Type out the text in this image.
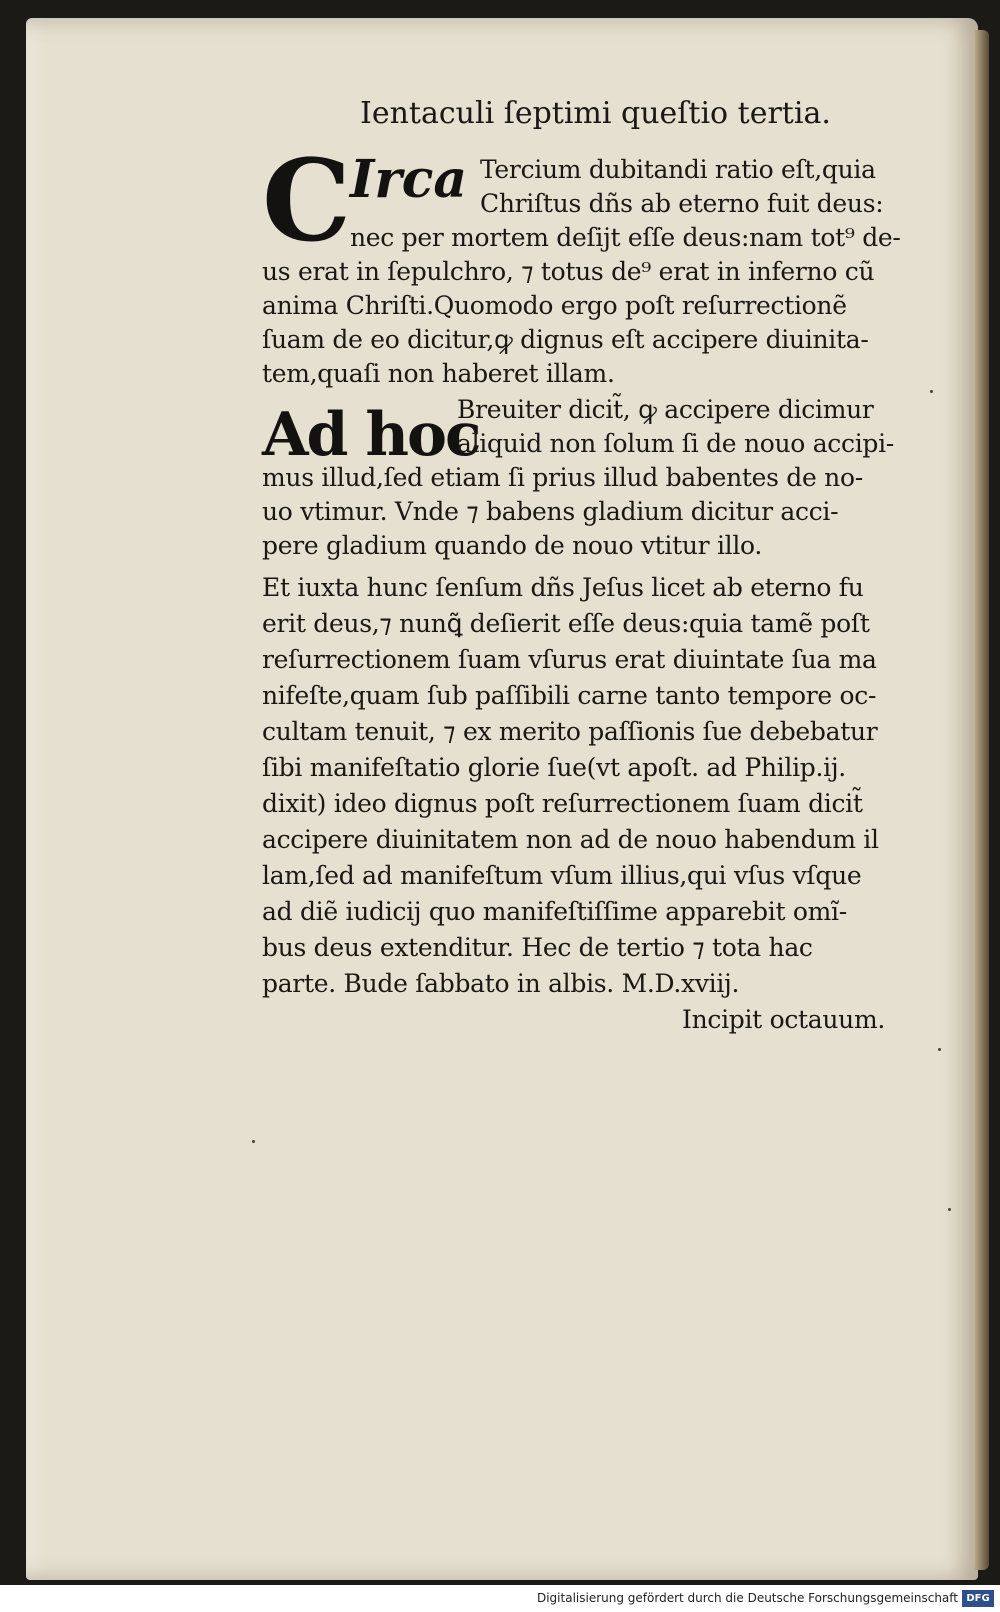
Ientaculi ſeptimi queſtio tertia.
C
Irca
Ad hoc
Tercium dubitandi ratio eſt,quia
Chriſtus dñs ab eterno fuit deus:
nec per mortem deſijt eſſe deus:nam tot⁹ de-
us erat in ſepulchro, ⁊ totus de⁹ erat in inferno cũ
anima Chriſti.Quomodo ergo poſt reſurrectionẽ
ſuam de eo dicitur,ꝙ dignus eſt accipere diuinita-
tem,quaſi non haberet illam.
Breuiter dicit̃, ꝙ accipere dicimur
aliquid non ſolum ſi de nouo accipi-
mus illud,ſed etiam ſi prius illud babentes de no-
uo vtimur. Vnde ⁊ babens gladium dicitur acci-
pere gladium quando de nouo vtitur illo.
Et iuxta hunc ſenſum dñs Jeſus licet ab eterno fu
erit deus,⁊ nunꝗ̃ deſierit eſſe deus:quia tamẽ poſt
reſurrectionem ſuam vſurus erat diuintate ſua ma
nifeſte,quam ſub paſſibili carne tanto tempore oc-
cultam tenuit, ⁊ ex merito paſſionis ſue debebatur
ſibi manifeſtatio glorie ſue(vt apoſt. ad Philip.ij.
dixit) ideo dignus poſt reſurrectionem ſuam dicit̃
accipere diuinitatem non ad de nouo habendum il
lam,ſed ad manifeſtum vſum illius,qui vſus vſque
ad diẽ iudicij quo manifeſtiſſime apparebit omĩ-
bus deus extenditur. Hec de tertio ⁊ tota hac
parte. Bude ſabbato in albis. M.D.xviij.
Incipit octauum.
Digitalisierung gefördert durch die Deutsche Forschungsgemeinschaft DFG
